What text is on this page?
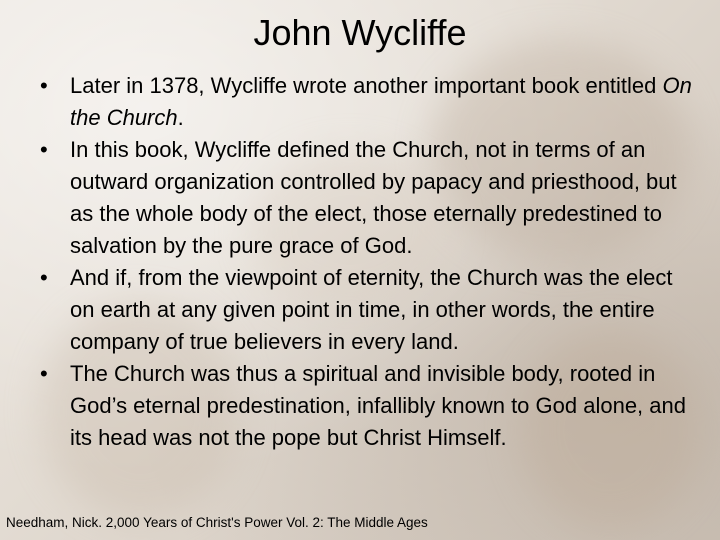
John Wycliffe
• Later in 1378, Wycliffe wrote another important book entitled On the Church.
• In this book, Wycliffe defined the Church, not in terms of an outward organization controlled by papacy and priesthood, but as the whole body of the elect, those eternally predestined to salvation by the pure grace of God.
• And if, from the viewpoint of eternity, the Church was the elect on earth at any given point in time, in other words, the entire company of true believers in every land.
• The Church was thus a spiritual and invisible body, rooted in God’s eternal predestination, infallibly known to God alone, and its head was not the pope but Christ Himself.
Needham, Nick. 2,000 Years of Christ's Power Vol. 2: The Middle Ages
